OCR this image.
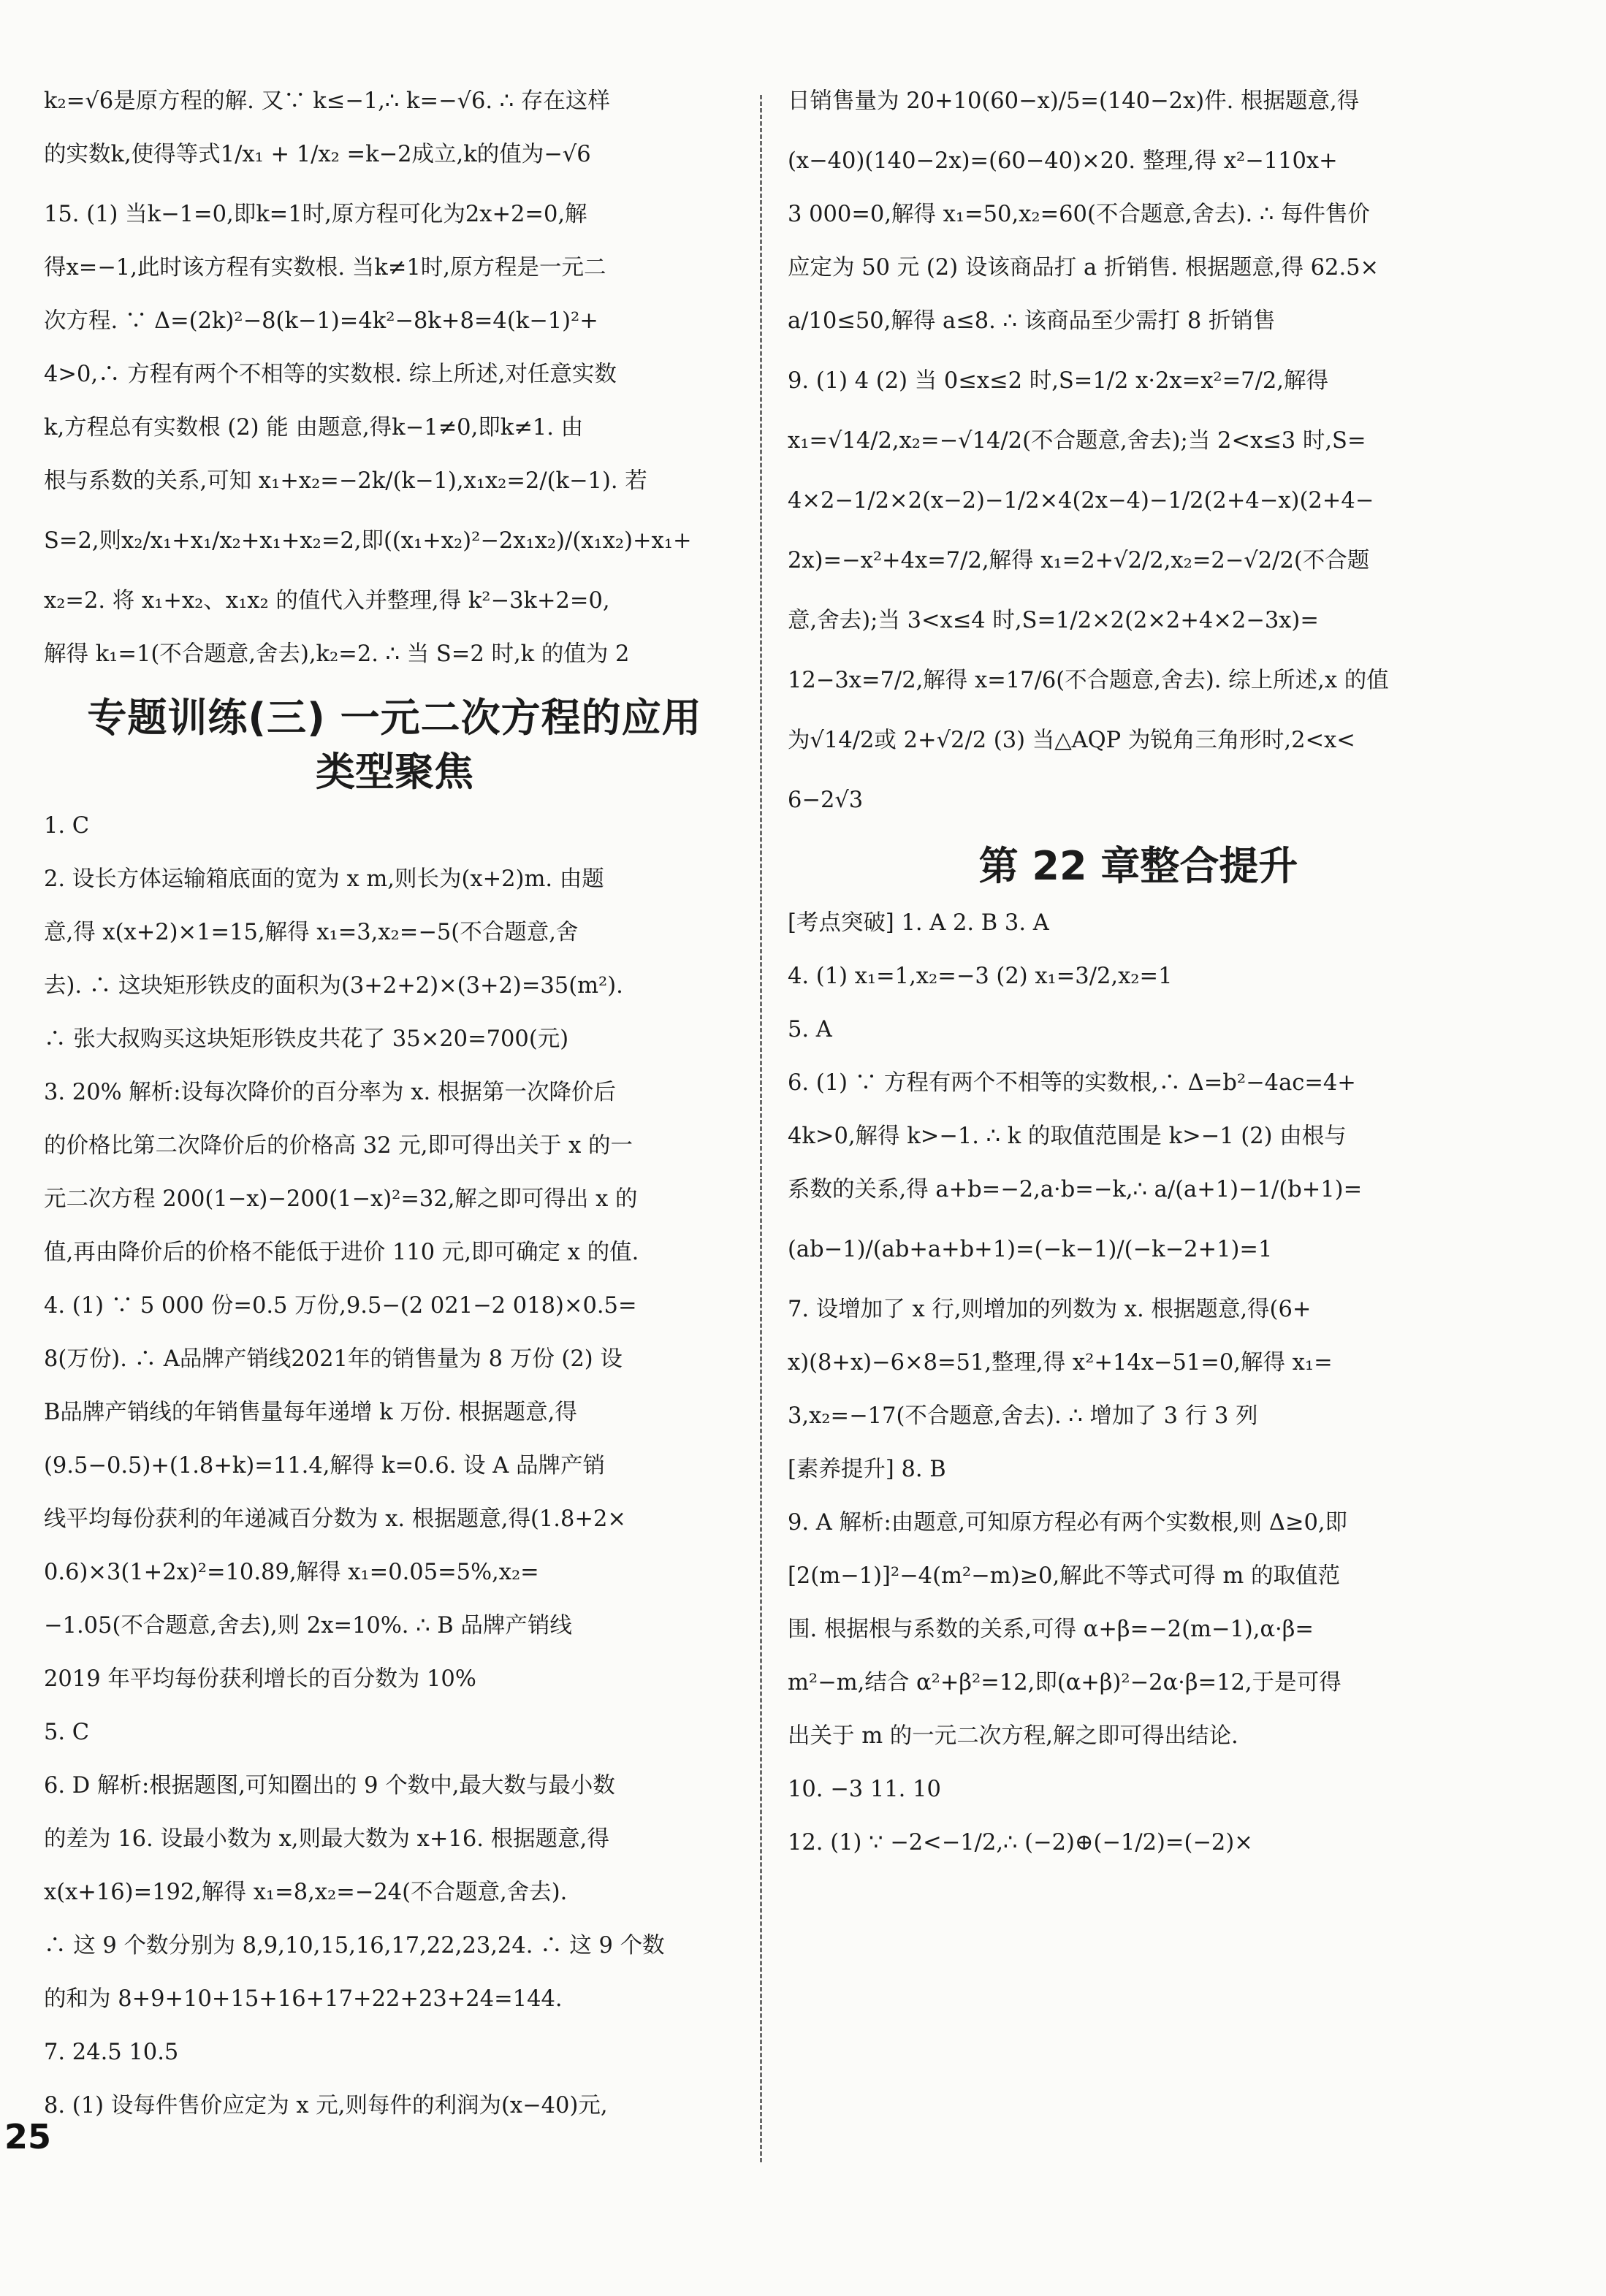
k₂=√6是原方程的解. 又∵ k≤−1,∴ k=−√6. ∴ 存在这样
的实数k,使得等式1/x₁ + 1/x₂ =k−2成立,k的值为−√6
15. (1) 当k−1=0,即k=1时,原方程可化为2x+2=0,解
得x=−1,此时该方程有实数根. 当k≠1时,原方程是一元二
次方程. ∵ Δ=(2k)²−8(k−1)=4k²−8k+8=4(k−1)²+
4>0,∴ 方程有两个不相等的实数根. 综上所述,对任意实数
k,方程总有实数根 (2) 能 由题意,得k−1≠0,即k≠1. 由
根与系数的关系,可知 x₁+x₂=−2k/(k−1),x₁x₂=2/(k−1). 若
S=2,则x₂/x₁+x₁/x₂+x₁+x₂=2,即((x₁+x₂)²−2x₁x₂)/(x₁x₂)+x₁+
x₂=2. 将 x₁+x₂、x₁x₂ 的值代入并整理,得 k²−3k+2=0,
解得 k₁=1(不合题意,舍去),k₂=2. ∴ 当 S=2 时,k 的值为 2
专题训练(三) 一元二次方程的应用
类型聚焦
1. C
2. 设长方体运输箱底面的宽为 x m,则长为(x+2)m. 由题
意,得 x(x+2)×1=15,解得 x₁=3,x₂=−5(不合题意,舍
去). ∴ 这块矩形铁皮的面积为(3+2+2)×(3+2)=35(m²).
∴ 张大叔购买这块矩形铁皮共花了 35×20=700(元)
3. 20% 解析:设每次降价的百分率为 x. 根据第一次降价后
的价格比第二次降价后的价格高 32 元,即可得出关于 x 的一
元二次方程 200(1−x)−200(1−x)²=32,解之即可得出 x 的
值,再由降价后的价格不能低于进价 110 元,即可确定 x 的值.
4. (1) ∵ 5 000 份=0.5 万份,9.5−(2 021−2 018)×0.5=
8(万份). ∴ A品牌产销线2021年的销售量为 8 万份 (2) 设
B品牌产销线的年销售量每年递增 k 万份. 根据题意,得
(9.5−0.5)+(1.8+k)=11.4,解得 k=0.6. 设 A 品牌产销
线平均每份获利的年递减百分数为 x. 根据题意,得(1.8+2×
0.6)×3(1+2x)²=10.89,解得 x₁=0.05=5%,x₂=
−1.05(不合题意,舍去),则 2x=10%. ∴ B 品牌产销线
2019 年平均每份获利增长的百分数为 10%
5. C
6. D 解析:根据题图,可知圈出的 9 个数中,最大数与最小数
的差为 16. 设最小数为 x,则最大数为 x+16. 根据题意,得
x(x+16)=192,解得 x₁=8,x₂=−24(不合题意,舍去).
∴ 这 9 个数分别为 8,9,10,15,16,17,22,23,24. ∴ 这 9 个数
的和为 8+9+10+15+16+17+22+23+24=144.
7. 24.5 10.5
8. (1) 设每件售价应定为 x 元,则每件的利润为(x−40)元,
日销售量为 20+10(60−x)/5=(140−2x)件. 根据题意,得
(x−40)(140−2x)=(60−40)×20. 整理,得 x²−110x+
3 000=0,解得 x₁=50,x₂=60(不合题意,舍去). ∴ 每件售价
应定为 50 元 (2) 设该商品打 a 折销售. 根据题意,得 62.5×
a/10≤50,解得 a≤8. ∴ 该商品至少需打 8 折销售
9. (1) 4 (2) 当 0≤x≤2 时,S=1/2 x·2x=x²=7/2,解得
x₁=√14/2,x₂=−√14/2(不合题意,舍去);当 2<x≤3 时,S=
4×2−1/2×2(x−2)−1/2×4(2x−4)−1/2(2+4−x)(2+4−
2x)=−x²+4x=7/2,解得 x₁=2+√2/2,x₂=2−√2/2(不合题
意,舍去);当 3<x≤4 时,S=1/2×2(2×2+4×2−3x)=
12−3x=7/2,解得 x=17/6(不合题意,舍去). 综上所述,x 的值
为√14/2或 2+√2/2 (3) 当△AQP 为锐角三角形时,2<x<
6−2√3
第 22 章整合提升
[考点突破] 1. A 2. B 3. A
4. (1) x₁=1,x₂=−3 (2) x₁=3/2,x₂=1
5. A
6. (1) ∵ 方程有两个不相等的实数根,∴ Δ=b²−4ac=4+
4k>0,解得 k>−1. ∴ k 的取值范围是 k>−1 (2) 由根与
系数的关系,得 a+b=−2,a·b=−k,∴ a/(a+1)−1/(b+1)=
(ab−1)/(ab+a+b+1)=(−k−1)/(−k−2+1)=1
7. 设增加了 x 行,则增加的列数为 x. 根据题意,得(6+
x)(8+x)−6×8=51,整理,得 x²+14x−51=0,解得 x₁=
3,x₂=−17(不合题意,舍去). ∴ 增加了 3 行 3 列
[素养提升] 8. B
9. A 解析:由题意,可知原方程必有两个实数根,则 Δ≥0,即
[2(m−1)]²−4(m²−m)≥0,解此不等式可得 m 的取值范
围. 根据根与系数的关系,可得 α+β=−2(m−1),α·β=
m²−m,结合 α²+β²=12,即(α+β)²−2α·β=12,于是可得
出关于 m 的一元二次方程,解之即可得出结论.
10. −3 11. 10
12. (1) ∵ −2<−1/2,∴ (−2)⊕(−1/2)=(−2)×
25
